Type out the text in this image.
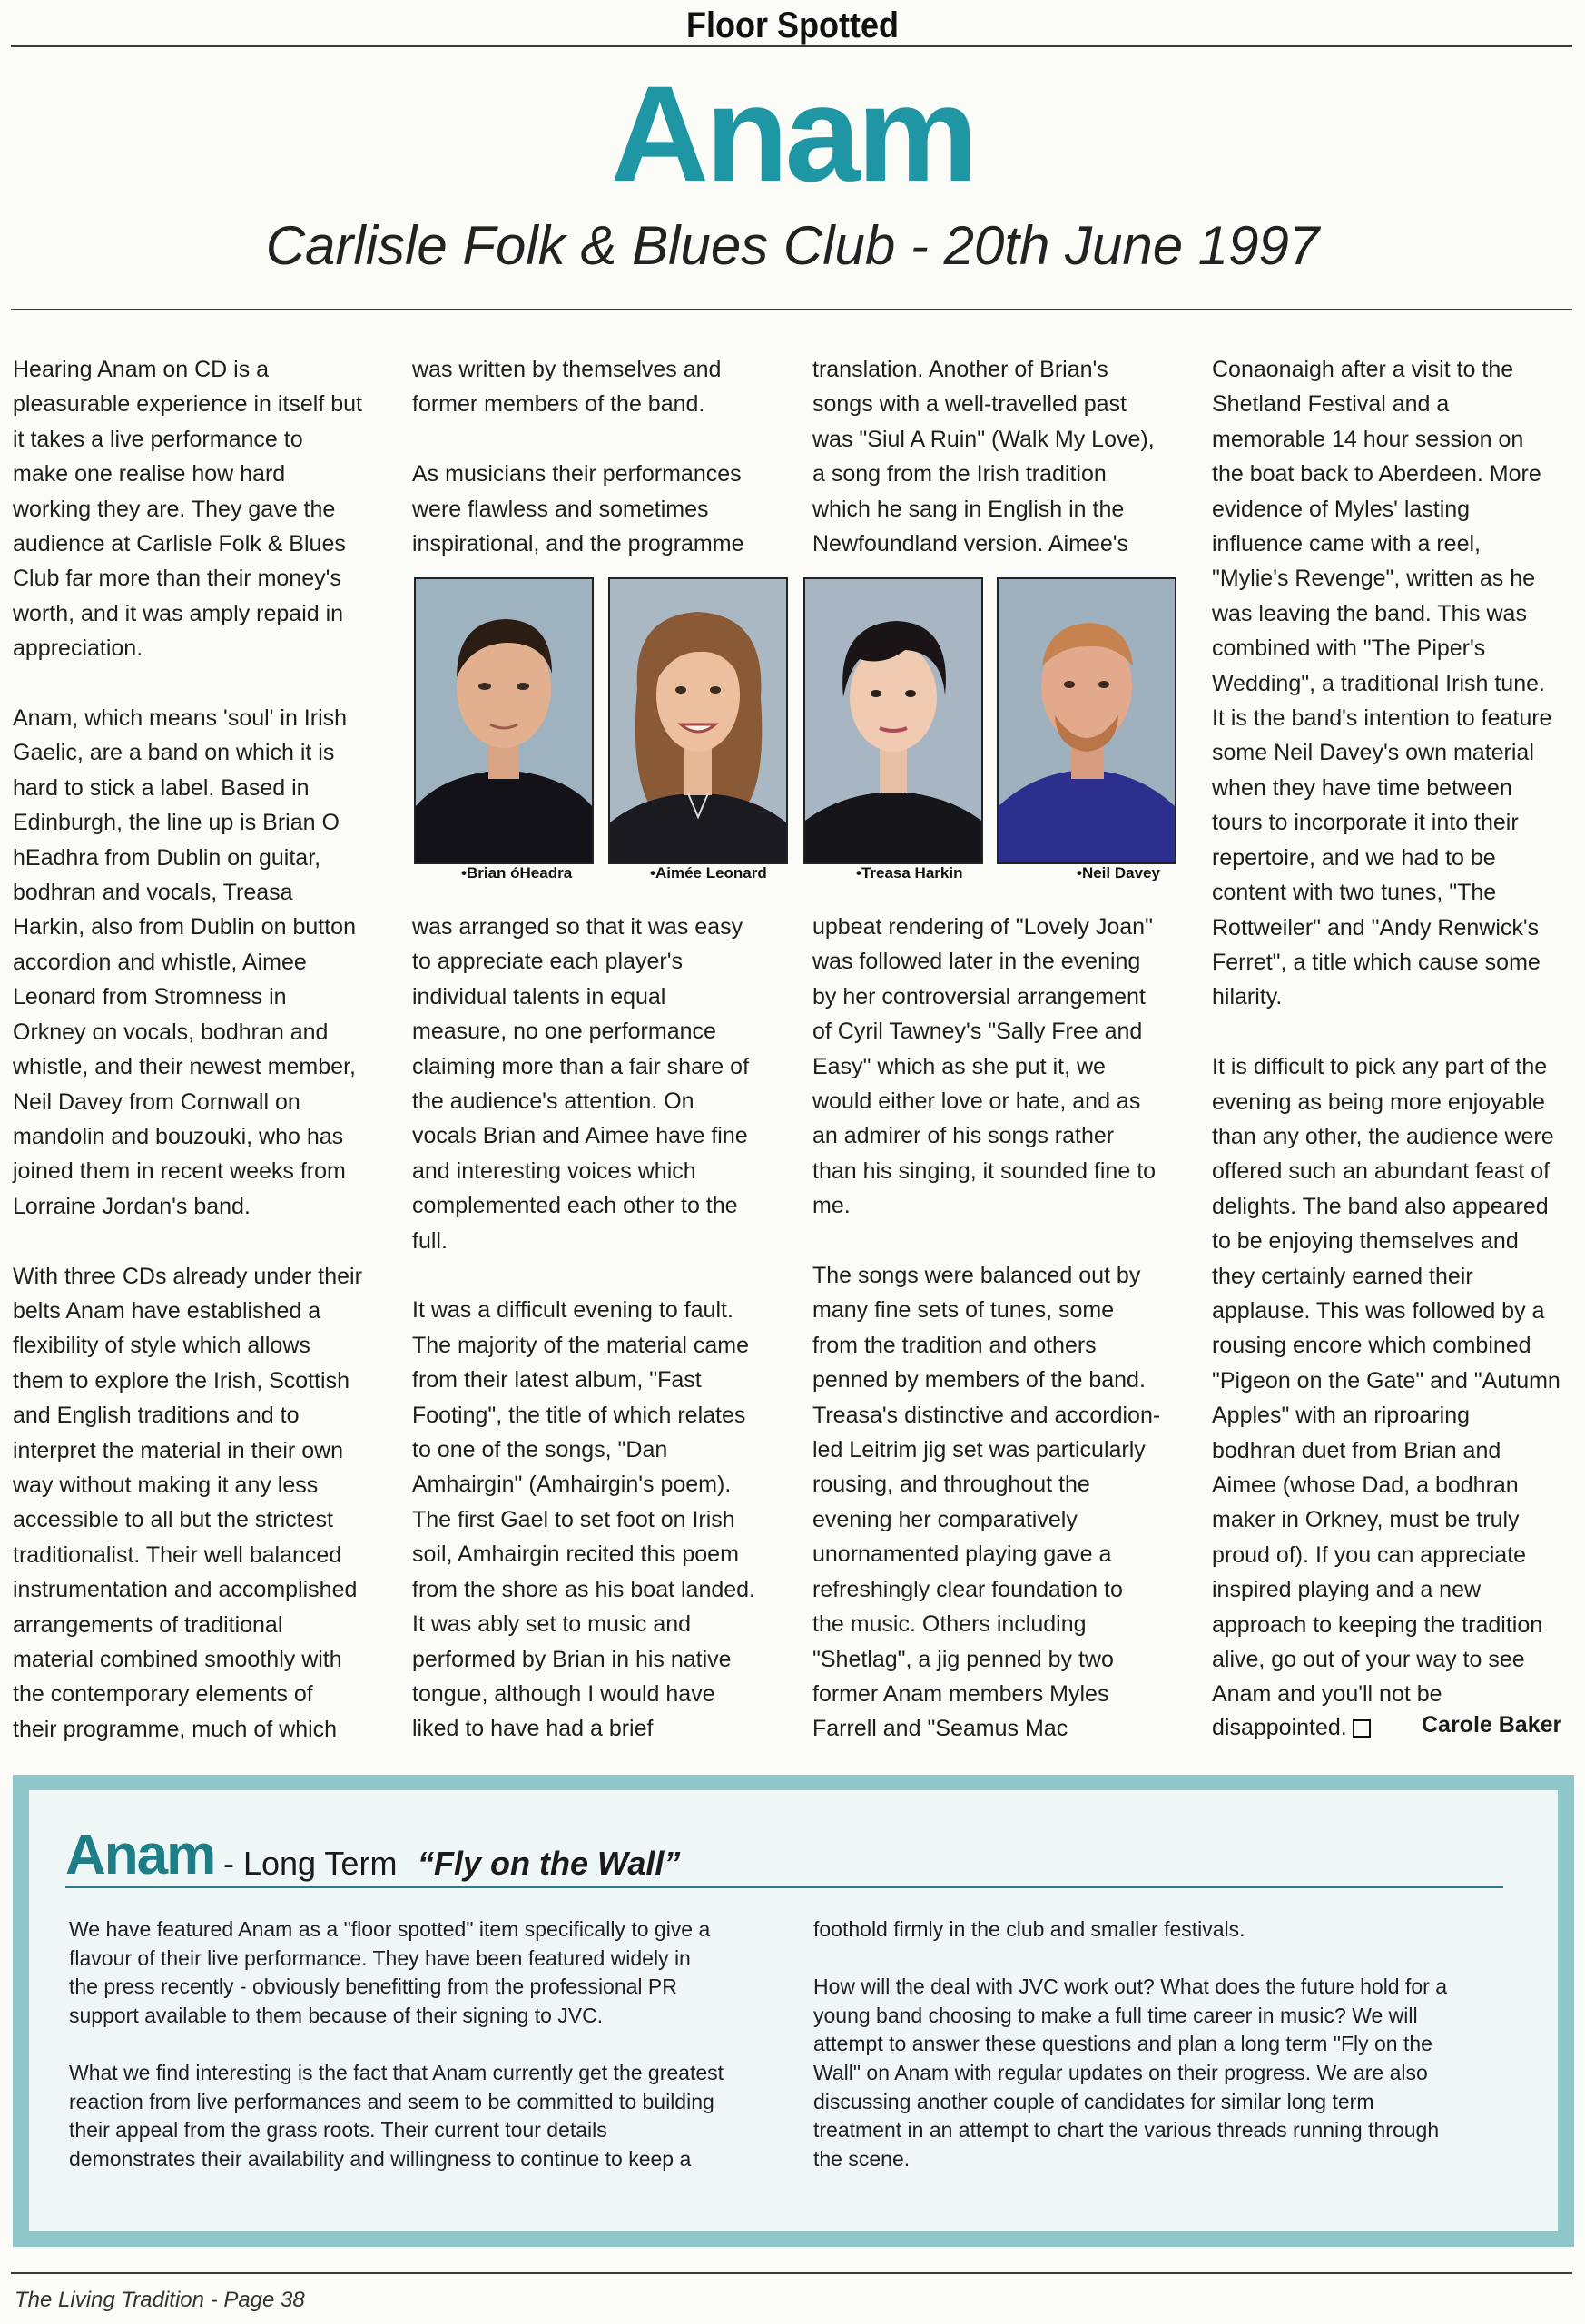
Floor Spotted
Anam
Carlisle Folk & Blues Club - 20th June 1997

Hearing Anam on CD is a
pleasurable experience in itself but
it takes a live performance to
make one realise how hard
working they are. They gave the
audience at Carlisle Folk & Blues
Club far more than their money's
worth, and it was amply repaid in
appreciation.

Anam, which means 'soul' in Irish
Gaelic, are a band on which it is
hard to stick a label. Based in
Edinburgh, the line up is Brian O
hEadhra from Dublin on guitar,
bodhran and vocals, Treasa
Harkin, also from Dublin on button
accordion and whistle, Aimee
Leonard from Stromness in
Orkney on vocals, bodhran and
whistle, and their newest member,
Neil Davey from Cornwall on
mandolin and bouzouki, who has
joined them in recent weeks from
Lorraine Jordan's band.

With three CDs already under their
belts Anam have established a
flexibility of style which allows
them to explore the Irish, Scottish
and English traditions and to
interpret the material in their own
way without making it any less
accessible to all but the strictest
traditionalist. Their well balanced
instrumentation and accomplished
arrangements of traditional
material combined smoothly with
the contemporary elements of
their programme, much of which

was written by themselves and
former members of the band.

As musicians their performances
were flawless and sometimes
inspirational, and the programme

translation. Another of Brian's
songs with a well-travelled past
was "Siul A Ruin" (Walk My Love),
a song from the Irish tradition
which he sang in English in the
Newfoundland version. Aimee's

Conaonaigh after a visit to the
Shetland Festival and a
memorable 14 hour session on
the boat back to Aberdeen. More
evidence of Myles' lasting
influence came with a reel,
"Mylie's Revenge", written as he
was leaving the band. This was
combined with "The Piper's
Wedding", a traditional Irish tune.
It is the band's intention to feature
some Neil Davey's own material
when they have time between
tours to incorporate it into their
repertoire, and we had to be
content with two tunes, "The
Rottweiler" and "Andy Renwick's
Ferret", a title which cause some
hilarity.

It is difficult to pick any part of the
evening as being more enjoyable
than any other, the audience were
offered such an abundant feast of
delights. The band also appeared
to be enjoying themselves and
they certainly earned their
applause. This was followed by a
rousing encore which combined
"Pigeon on the Gate" and "Autumn
Apples" with an riproaring
bodhran duet from Brian and
Aimee (whose Dad, a bodhran
maker in Orkney, must be truly
proud of). If you can appreciate
inspired playing and a new
approach to keeping the tradition
alive, go out of your way to see
Anam and you'll not be

disappointed.	Carole Baker
•Brian óHeadra	•Aimée Leonard	•Treasa Harkin	•Neil Davey

was arranged so that it was easy
to appreciate each player's
individual talents in equal
measure, no one performance
claiming more than a fair share of
the audience's attention. On
vocals Brian and Aimee have fine
and interesting voices which
complemented each other to the
full.

It was a difficult evening to fault.
The majority of the material came
from their latest album, "Fast
Footing", the title of which relates
to one of the songs, "Dan
Amhairgin" (Amhairgin's poem).
The first Gael to set foot on Irish
soil, Amhairgin recited this poem
from the shore as his boat landed.
It was ably set to music and
performed by Brian in his native
tongue, although I would have
liked to have had a brief

upbeat rendering of "Lovely Joan"
was followed later in the evening
by her controversial arrangement
of Cyril Tawney's "Sally Free and
Easy" which as she put it, we
would either love or hate, and as
an admirer of his songs rather
than his singing, it sounded fine to
me.

The songs were balanced out by
many fine sets of tunes, some
from the tradition and others
penned by members of the band.
Treasa's distinctive and accordion-
led Leitrim jig set was particularly
rousing, and throughout the
evening her comparatively
unornamented playing gave a
refreshingly clear foundation to
the music. Others including
"Shetlag", a jig penned by two
former Anam members Myles
Farrell and "Seamus Mac

Anam - Long Term “Fly on the Wall”

We have featured Anam as a "floor spotted" item specifically to give a
flavour of their live performance. They have been featured widely in
the press recently - obviously benefitting from the professional PR
support available to them because of their signing to JVC.

What we find interesting is the fact that Anam currently get the greatest
reaction from live performances and seem to be committed to building
their appeal from the grass roots. Their current tour details
demonstrates their availability and willingness to continue to keep a

foothold firmly in the club and smaller festivals.

How will the deal with JVC work out? What does the future hold for a
young band choosing to make a full time career in music? We will
attempt to answer these questions and plan a long term "Fly on the
Wall" on Anam with regular updates on their progress. We are also
discussing another couple of candidates for similar long term
treatment in an attempt to chart the various threads running through
the scene.

The Living Tradition - Page 38
